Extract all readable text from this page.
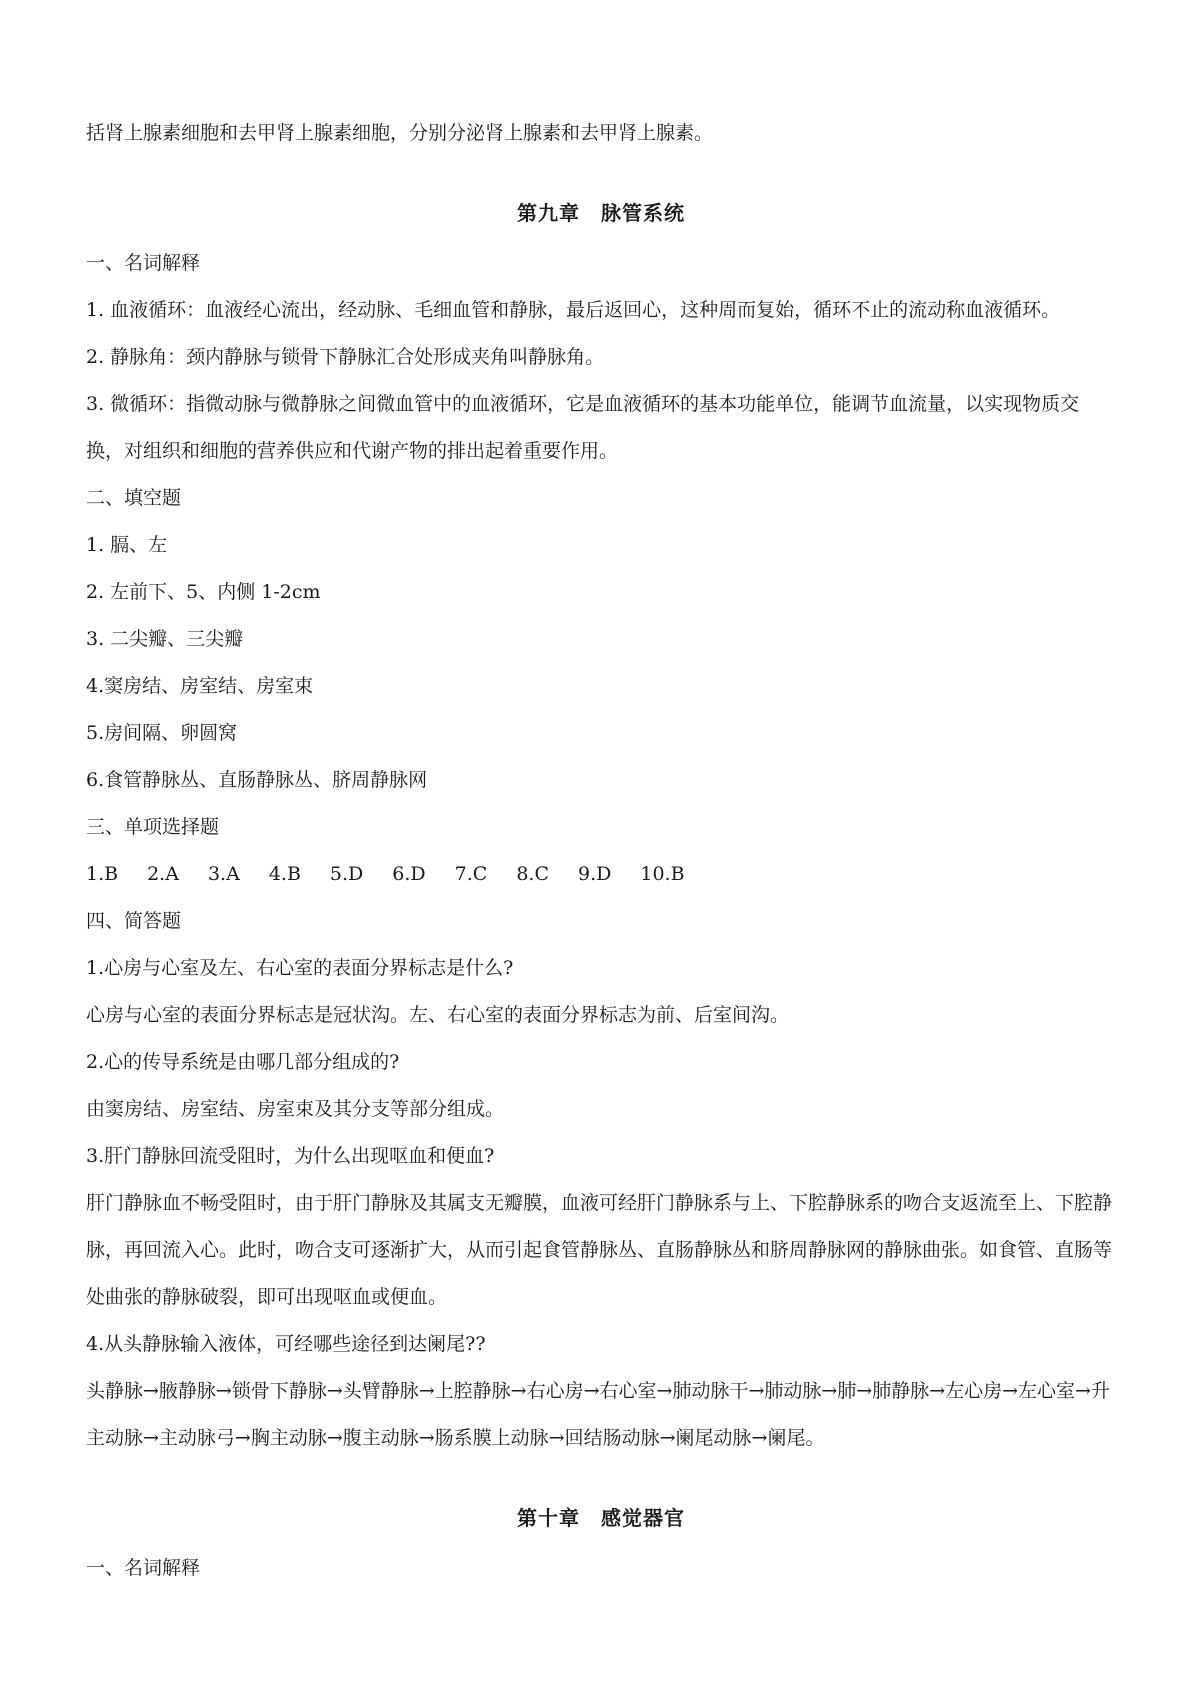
括肾上腺素细胞和去甲肾上腺素细胞，分别分泌肾上腺素和去甲肾上腺素。
第九章　脉管系统
一、名词解释
1. 血液循环：血液经心流出，经动脉、毛细血管和静脉，最后返回心，这种周而复始，循环不止的流动称血液循环。
2. 静脉角：颈内静脉与锁骨下静脉汇合处形成夹角叫静脉角。
3. 微循环：指微动脉与微静脉之间微血管中的血液循环，它是血液循环的基本功能单位，能调节血流量，以实现物质交换，对组织和细胞的营养供应和代谢产物的排出起着重要作用。
二、填空题
1. 膈、左
2. 左前下、5、内侧 1-2cm
3. 二尖瓣、三尖瓣
4.窦房结、房室结、房室束
5.房间隔、卵圆窝
6.食管静脉丛、直肠静脉丛、脐周静脉网
三、单项选择题
1.B 2.A 3.A 4.B 5.D 6.D 7.C 8.C 9.D 10.B
四、简答题
1.心房与心室及左、右心室的表面分界标志是什么?
心房与心室的表面分界标志是冠状沟。左、右心室的表面分界标志为前、后室间沟。
2.心的传导系统是由哪几部分组成的?
由窦房结、房室结、房室束及其分支等部分组成。
3.肝门静脉回流受阻时，为什么出现呕血和便血?
肝门静脉血不畅受阻时，由于肝门静脉及其属支无瓣膜，血液可经肝门静脉系与上、下腔静脉系的吻合支返流至上、下腔静脉，再回流入心。此时，吻合支可逐渐扩大，从而引起食管静脉丛、直肠静脉丛和脐周静脉网的静脉曲张。如食管、直肠等处曲张的静脉破裂，即可出现呕血或便血。
4.从头静脉输入液体，可经哪些途径到达阑尾??
头静脉→腋静脉→锁骨下静脉→头臂静脉→上腔静脉→右心房→右心室→肺动脉干→肺动脉→肺→肺静脉→左心房→左心室→升主动脉→主动脉弓→胸主动脉→腹主动脉→肠系膜上动脉→回结肠动脉→阑尾动脉→阑尾。
第十章　感觉器官
一、名词解释
